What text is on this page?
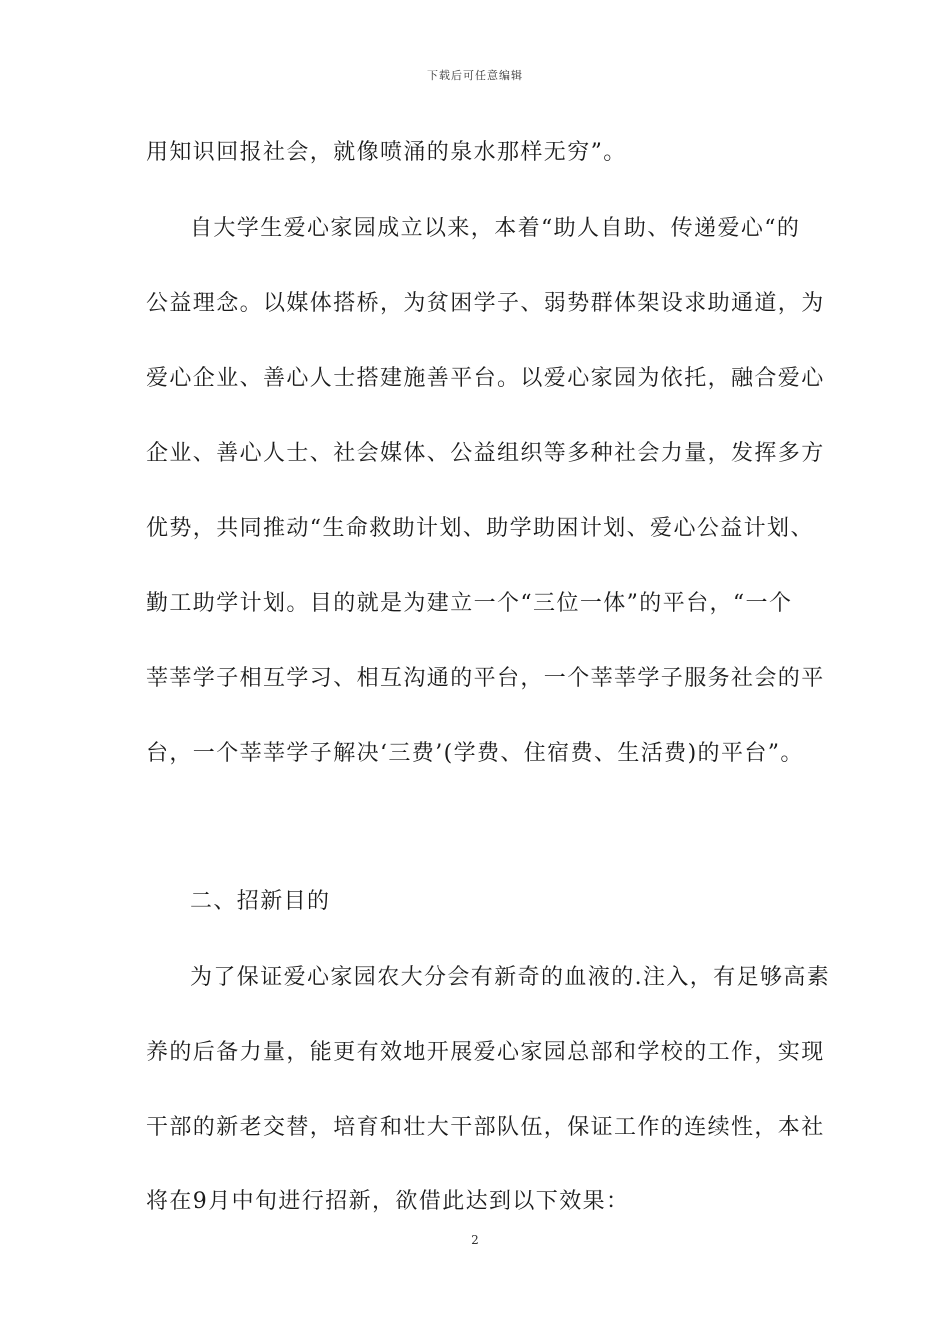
下载后可任意编辑
用知识回报社会，就像喷涌的泉水那样无穷”。
自大学生爱心家园成立以来，本着“助人自助、传递爱心“的
公益理念。以媒体搭桥，为贫困学子、弱势群体架设求助通道，为
爱心企业、善心人士搭建施善平台。以爱心家园为依托，融合爱心
企业、善心人士、社会媒体、公益组织等多种社会力量，发挥多方
优势，共同推动“生命救助计划、助学助困计划、爱心公益计划、
勤工助学计划。目的就是为建立一个“三位一体”的平台，“一个
莘莘学子相互学习、相互沟通的平台，一个莘莘学子服务社会的平
台，一个莘莘学子解决‘三费’(学费、住宿费、生活费)的平台”。
二、招新目的
为了保证爱心家园农大分会有新奇的血液的.注入，有足够高素
养的后备力量，能更有效地开展爱心家园总部和学校的工作，实现
干部的新老交替，培育和壮大干部队伍，保证工作的连续性，本社
将在9月中旬进行招新，欲借此达到以下效果：
2
